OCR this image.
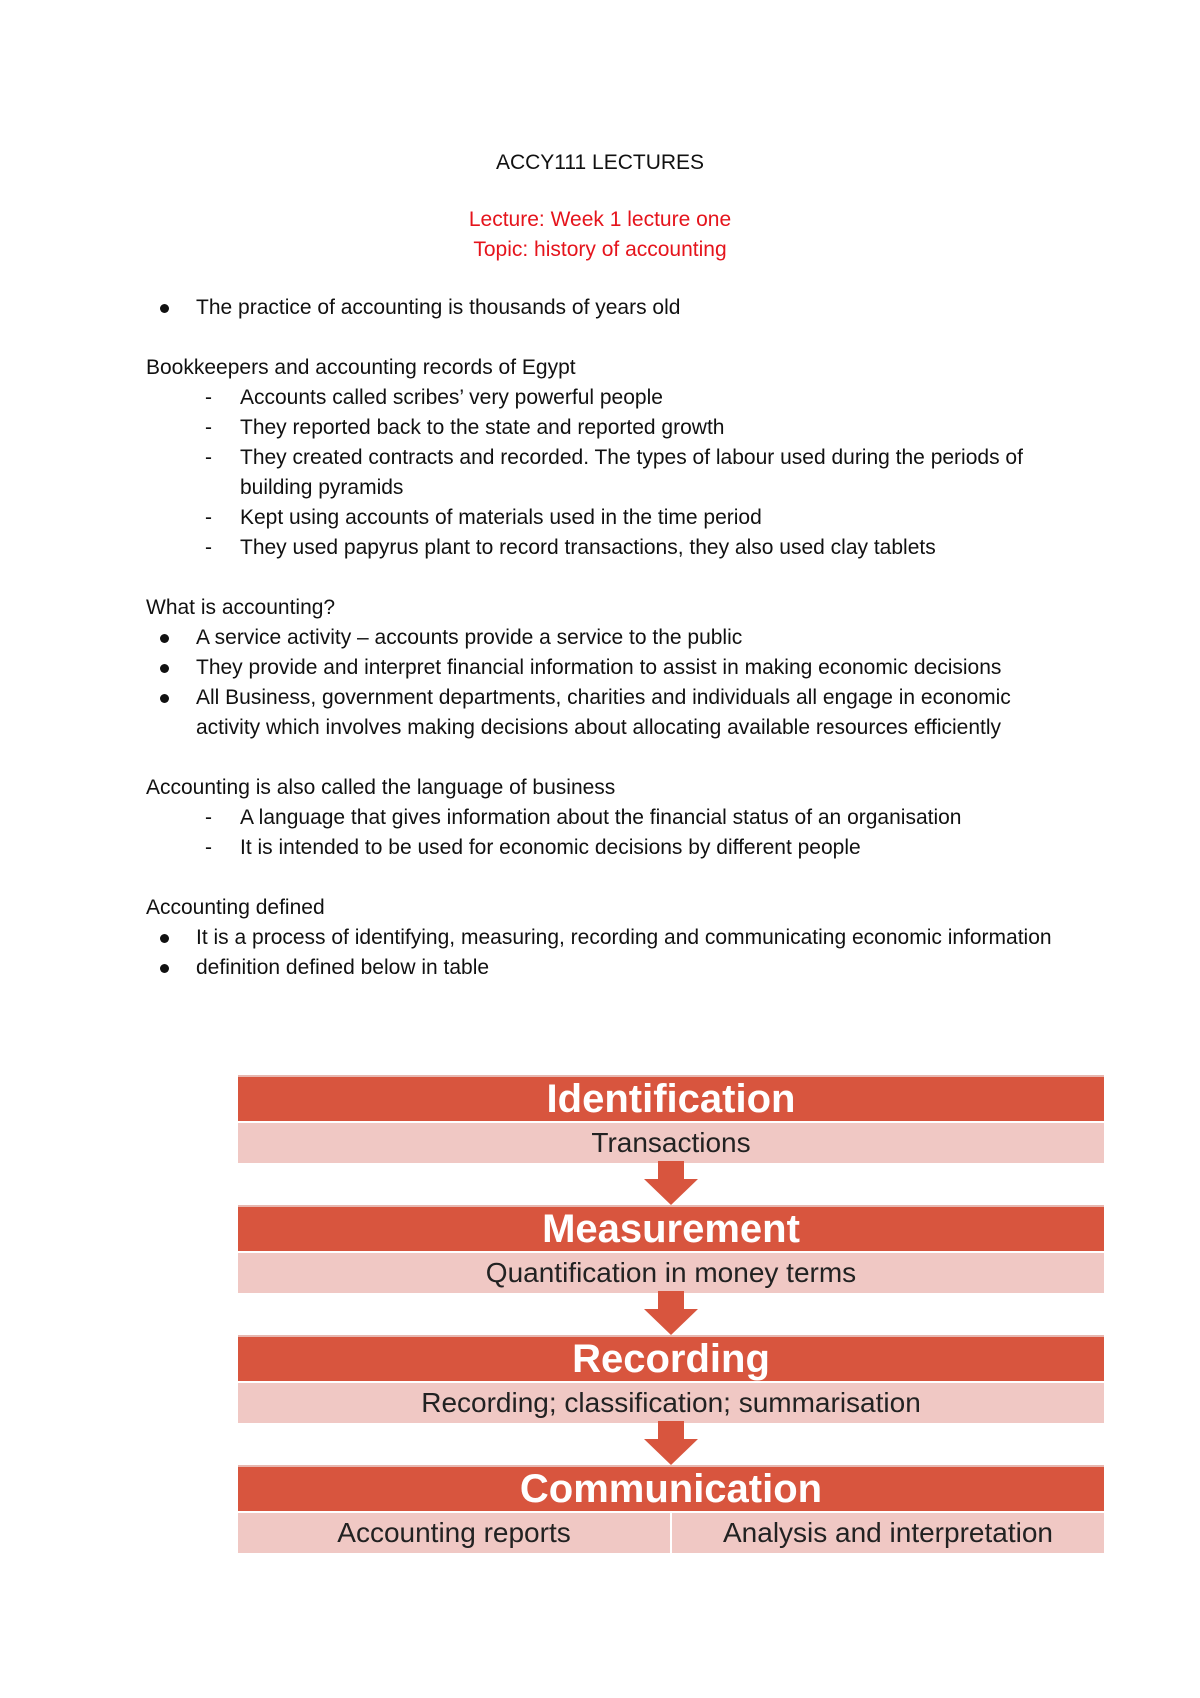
ACCY111 LECTURES
Lecture: Week 1 lecture one
Topic: history of accounting
The practice of accounting is thousands of years old
Bookkeepers and accounting records of Egypt
- Accounts called scribes’ very powerful people
- They reported back to the state and reported growth
- They created contracts and recorded. The types of labour used during the periods of building pyramids
- Kept using accounts of materials used in the time period
- They used papyrus plant to record transactions, they also used clay tablets
What is accounting?
A service activity – accounts provide a service to the public
They provide and interpret financial information to assist in making economic decisions
All Business, government departments, charities and individuals all engage in economic activity which involves making decisions about allocating available resources efficiently
Accounting is also called the language of business
- A language that gives information about the financial status of an organisation
- It is intended to be used for economic decisions by different people
Accounting defined
It is a process of identifying, measuring, recording and communicating economic information
definition defined below in table
Identification
Transactions
Measurement
Quantification in money terms
Recording
Recording; classification; summarisation
Communication
Accounting reports	Analysis and interpretation
